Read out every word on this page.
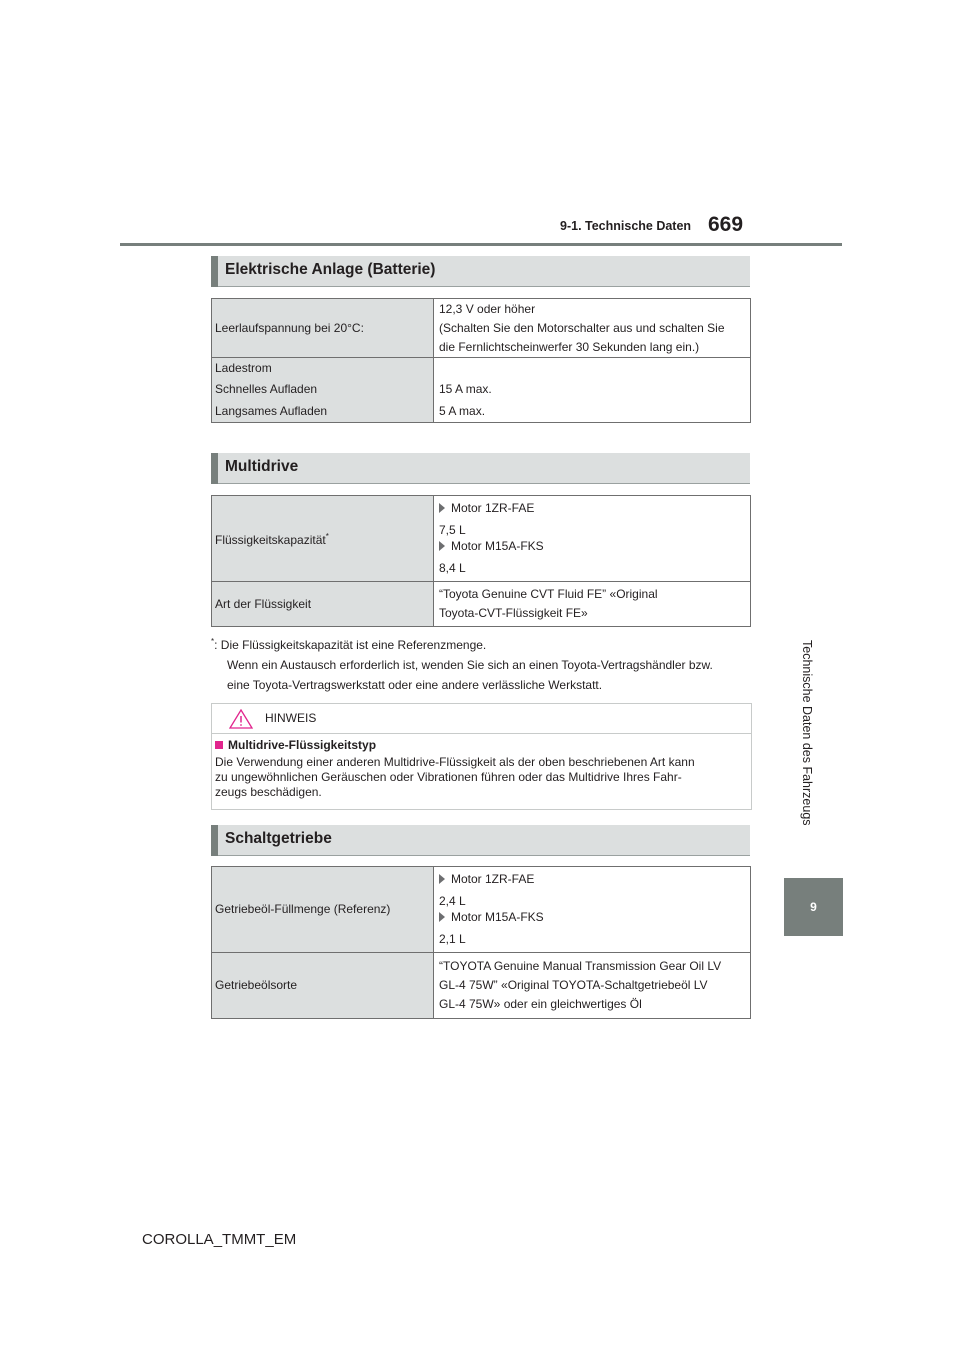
9-1. Technische Daten 669
Technische Daten des Fahrzeugs
9
Elektrische Anlage (Batterie)
Leerlaufspannung bei 20°C:	12,3 V oder höher
(Schalten Sie den Motorschalter aus und schalten Sie
die Fernlichtscheinwerfer 30 Sekunden lang ein.)

Ladestrom	
Schnelles Aufladen	15 A max.
Langsames Aufladen	5 A max.
Multidrive
Flüssigkeitskapazität*	Motor 1ZR-FAE
7,5 L
Motor M15A-FKS
8,4 L

Art der Flüssigkeit	“Toyota Genuine CVT Fluid FE” «Original
Toyota-CVT-Flüssigkeit FE»
*: Die Flüssigkeitskapazität ist eine Referenzmenge.
Wenn ein Austausch erforderlich ist, wenden Sie sich an einen Toyota-Vertragshändler bzw.
eine Toyota-Vertragswerkstatt oder eine andere verlässliche Werkstatt.
HINWEIS
Multidrive-Flüssigkeitstyp
Die Verwendung einer anderen Multidrive-Flüssigkeit als der oben beschriebenen Art kann
zu ungewöhnlichen Geräuschen oder Vibrationen führen oder das Multidrive Ihres Fahr-
zeugs beschädigen.
Schaltgetriebe
Getriebeöl-Füllmenge (Referenz)	Motor 1ZR-FAE
2,4 L
Motor M15A-FKS
2,1 L

Getriebeölsorte	“TOYOTA Genuine Manual Transmission Gear Oil LV
GL-4 75W” «Original TOYOTA-Schaltgetriebeöl LV
GL-4 75W» oder ein gleichwertiges Öl
COROLLA_TMMT_EM
